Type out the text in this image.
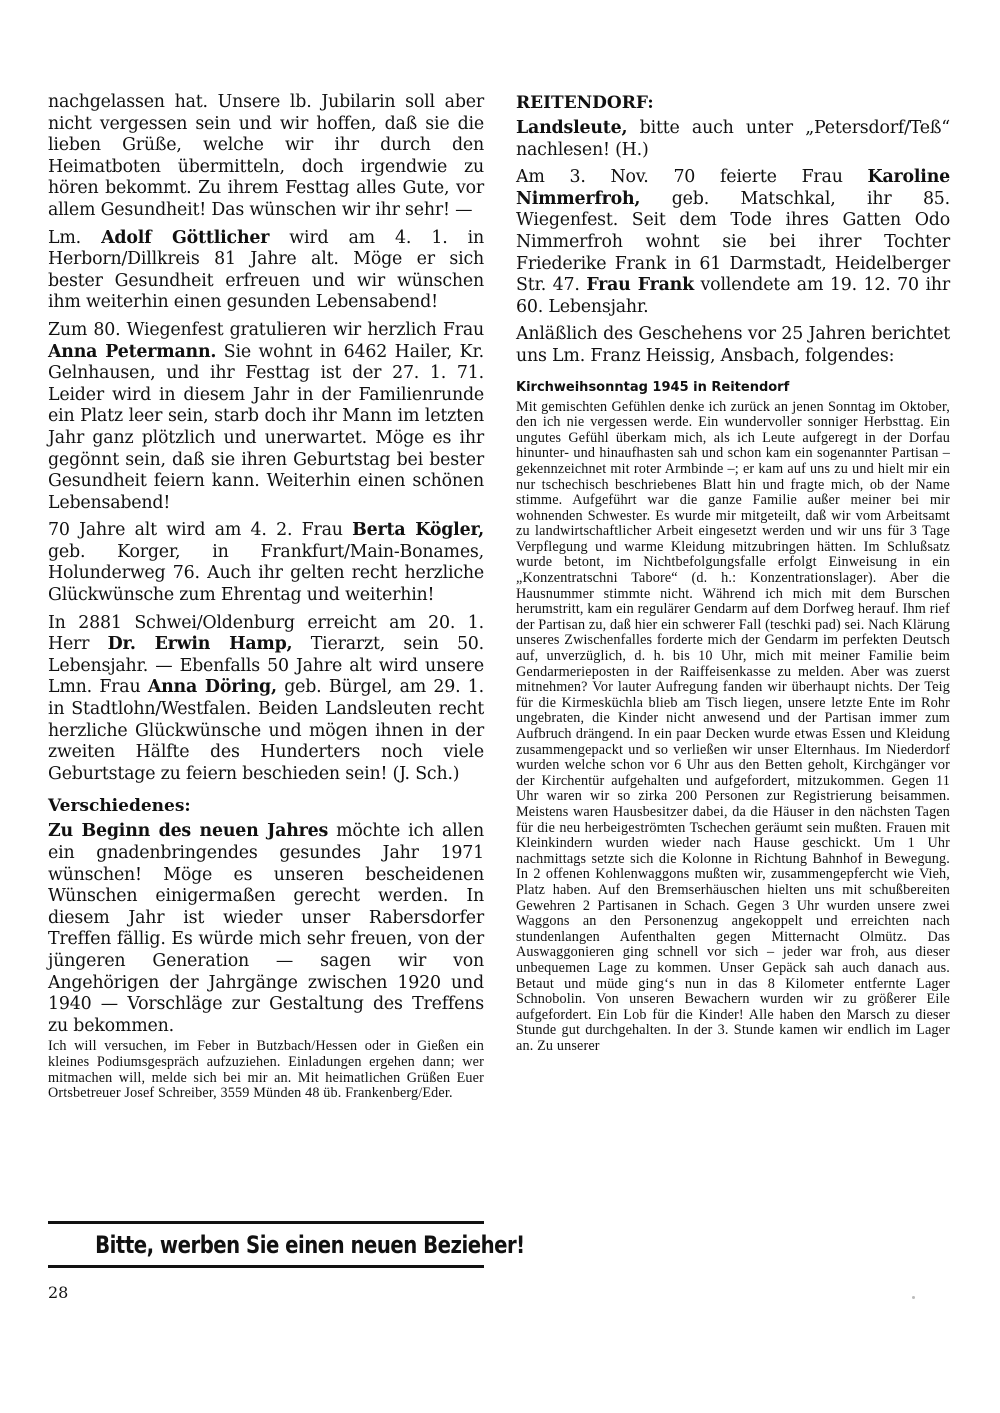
nachgelassen hat. Unsere lb. Jubilarin soll aber nicht vergessen sein und wir hoffen, daß sie die lieben Grüße, welche wir ihr durch den Heimatboten übermitteln, doch irgendwie zu hören bekommt. Zu ihrem Festtag alles Gute, vor allem Gesundheit! Das wünschen wir ihr sehr! —

Lm. Adolf Göttlicher wird am 4. 1. in Herborn/Dillkreis 81 Jahre alt. Möge er sich bester Gesundheit erfreuen und wir wünschen ihm weiterhin einen gesunden Lebensabend!

Zum 80. Wiegenfest gratulieren wir herzlich Frau Anna Petermann. Sie wohnt in 6462 Hailer, Kr. Gelnhausen, und ihr Festtag ist der 27. 1. 71. Leider wird in diesem Jahr in der Familienrunde ein Platz leer sein, starb doch ihr Mann im letzten Jahr ganz plötzlich und unerwartet. Möge es ihr gegönnt sein, daß sie ihren Geburtstag bei bester Gesundheit feiern kann. Weiterhin einen schönen Lebensabend!

70 Jahre alt wird am 4. 2. Frau Berta Kögler, geb. Korger, in Frankfurt/Main-Bonames, Holunderweg 76. Auch ihr gelten recht herzliche Glückwünsche zum Ehrentag und weiterhin!

In 2881 Schwei/Oldenburg erreicht am 20. 1. Herr Dr. Erwin Hamp, Tierarzt, sein 50. Lebensjahr. — Ebenfalls 50 Jahre alt wird unsere Lmn. Frau Anna Döring, geb. Bürgel, am 29. 1. in Stadtlohn/Westfalen. Beiden Landsleuten recht herzliche Glückwünsche und mögen ihnen in der zweiten Hälfte des Hunderters noch viele Geburtstage zu feiern beschieden sein! (J. Sch.)

Verschiedenes:

Zu Beginn des neuen Jahres möchte ich allen ein gnadenbringendes gesundes Jahr 1971 wünschen! Möge es unseren bescheidenen Wünschen einigermaßen gerecht werden. In diesem Jahr ist wieder unser Rabersdorfer Treffen fällig. Es würde mich sehr freuen, von der jüngeren Generation — sagen wir von Angehörigen der Jahrgänge zwischen 1920 und 1940 — Vorschläge zur Gestaltung des Treffens zu bekommen.

Ich will versuchen, im Feber in Butzbach/Hessen oder in Gießen ein kleines Podiumsgespräch aufzuziehen. Einladungen ergehen dann; wer mitmachen will, melde sich bei mir an. Mit heimatlichen Grüßen Euer Ortsbetreuer Josef Schreiber, 3559 Münden 48 üb. Frankenberg/Eder.

Bitte, werben Sie einen neuen Bezieher!
28
REITENDORF:

Landsleute, bitte auch unter „Petersdorf/Teß“ nachlesen! (H.)

Am 3. Nov. 70 feierte Frau Karoline Nimmerfroh, geb. Matschkal, ihr 85. Wiegenfest. Seit dem Tode ihres Gatten Odo Nimmerfroh wohnt sie bei ihrer Tochter Friederike Frank in 61 Darmstadt, Heidelberger Str. 47. Frau Frank vollendete am 19. 12. 70 ihr 60. Lebensjahr.

Anläßlich des Geschehens vor 25 Jahren berichtet uns Lm. Franz Heissig, Ansbach, folgendes:

Kirchweihsonntag 1945 in Reitendorf

Mit gemischten Gefühlen denke ich zurück an jenen Sonntag im Oktober, den ich nie vergessen werde. Ein wundervoller sonniger Herbsttag. Ein ungutes Gefühl überkam mich, als ich Leute aufgeregt in der Dorfau hinunter- und hinaufhasten sah und schon kam ein sogenannter Partisan – gekennzeichnet mit roter Armbinde –; er kam auf uns zu und hielt mir ein nur tschechisch beschriebenes Blatt hin und fragte mich, ob der Name stimme. Aufgeführt war die ganze Familie außer meiner bei mir wohnenden Schwester. Es wurde mir mitgeteilt, daß wir vom Arbeitsamt zu landwirtschaftlicher Arbeit eingesetzt werden und wir uns für 3 Tage Verpflegung und warme Kleidung mitzubringen hätten. Im Schlußsatz wurde betont, im Nichtbefolgungsfalle erfolgt Einweisung in ein „Konzentratschni Tabore“ (d. h.: Konzentrationslager). Aber die Hausnummer stimmte nicht. Während ich mich mit dem Burschen herumstritt, kam ein regulärer Gendarm auf dem Dorfweg herauf. Ihm rief der Partisan zu, daß hier ein schwerer Fall (teschki pad) sei. Nach Klärung unseres Zwischenfalles forderte mich der Gendarm im perfekten Deutsch auf, unverzüglich, d. h. bis 10 Uhr, mich mit meiner Familie beim Gendarmerieposten in der Raiffeisenkasse zu melden. Aber was zuerst mitnehmen? Vor lauter Aufregung fanden wir überhaupt nichts. Der Teig für die Kirmesküchla blieb am Tisch liegen, unsere letzte Ente im Rohr ungebraten, die Kinder nicht anwesend und der Partisan immer zum Aufbruch drängend. In ein paar Decken wurde etwas Essen und Kleidung zusammengepackt und so verließen wir unser Elternhaus. Im Niederdorf wurden welche schon vor 6 Uhr aus den Betten geholt, Kirchgänger vor der Kirchentür aufgehalten und aufgefordert, mitzukommen. Gegen 11 Uhr waren wir so zirka 200 Personen zur Registrierung beisammen. Meistens waren Hausbesitzer dabei, da die Häuser in den nächsten Tagen für die neu herbeigeströmten Tschechen geräumt sein mußten. Frauen mit Kleinkindern wurden wieder nach Hause geschickt. Um 1 Uhr nachmittags setzte sich die Kolonne in Richtung Bahnhof in Bewegung. In 2 offenen Kohlenwaggons mußten wir, zusammengepfercht wie Vieh, Platz haben. Auf den Bremserhäuschen hielten uns mit schußbereiten Gewehren 2 Partisanen in Schach. Gegen 3 Uhr wurden unsere zwei Waggons an den Personenzug angekoppelt und erreichten nach stundenlangen Aufenthalten gegen Mitternacht Olmütz. Das Auswaggonieren ging schnell vor sich – jeder war froh, aus dieser unbequemen Lage zu kommen. Unser Gepäck sah auch danach aus. Betaut und müde ging‘s nun in das 8 Kilometer entfernte Lager Schnobolin. Von unseren Bewachern wurden wir zu größerer Eile aufgefordert. Ein Lob für die Kinder! Alle haben den Marsch zu dieser Stunde gut durchgehalten. In der 3. Stunde kamen wir endlich im Lager an. Zu unserer
